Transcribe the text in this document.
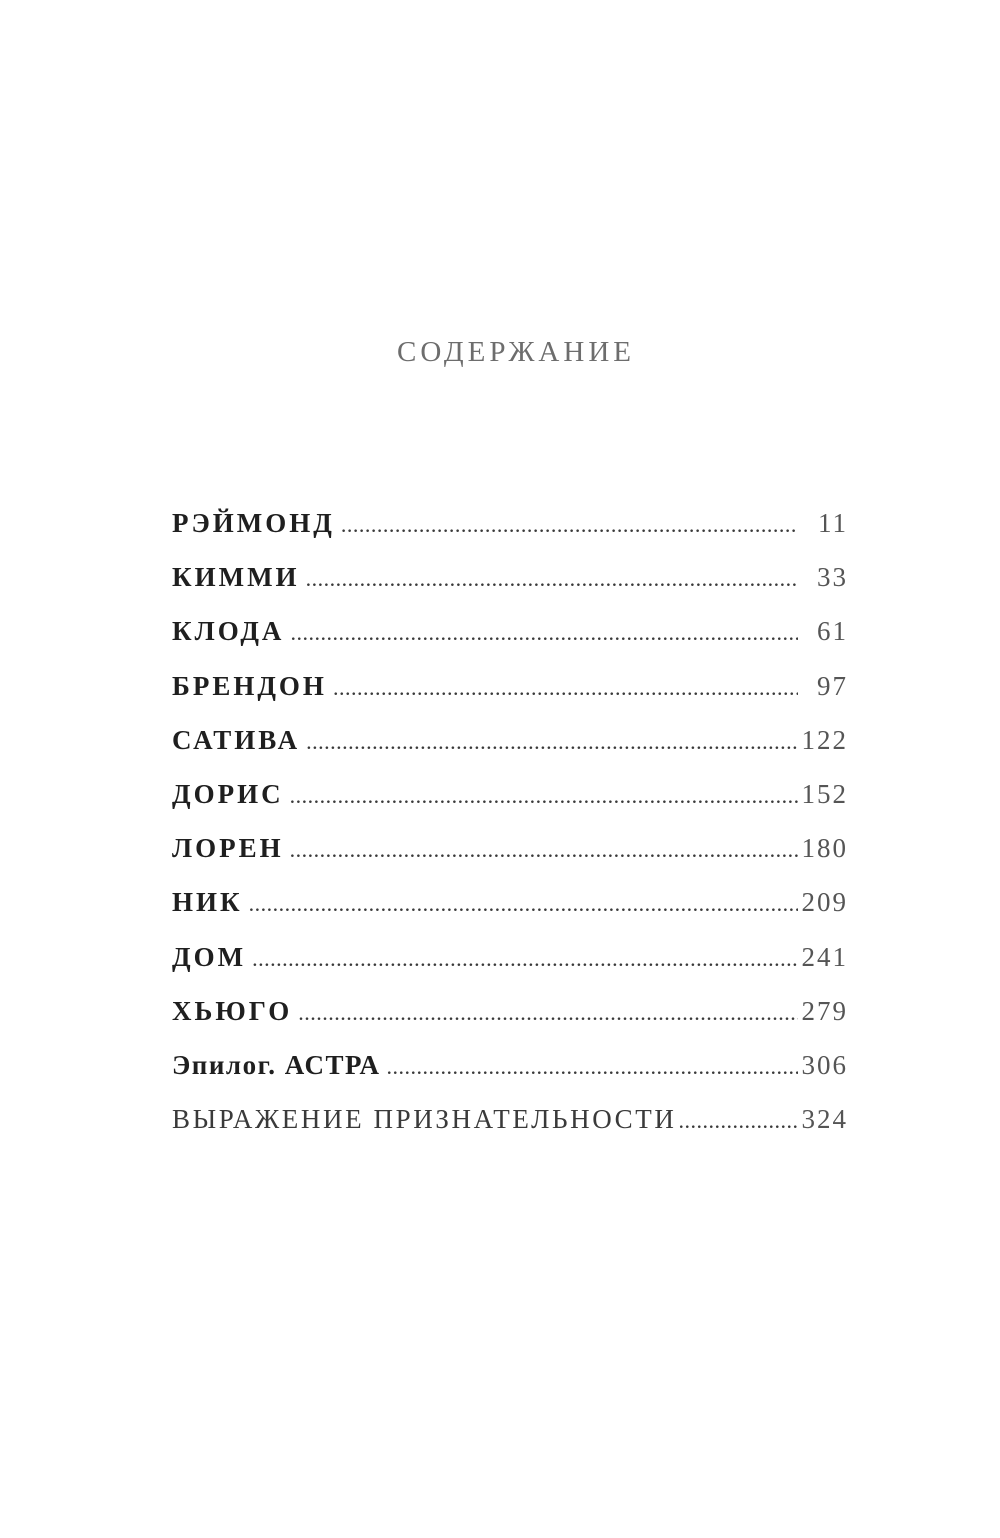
СОДЕРЖАНИЕ
РЭЙМОНД . . .	11
КИММИ . . .	33
КЛОДА . . .	61
БРЕНДОН . . .	97
САТИВА . . .	122
ДОРИС . . .	152
ЛОРЕН . . .	180
НИК . . .	209
ДОМ . . .	241
ХЬЮГО . . .	279
Эпилог. АСТРА . . .	306
ВЫРАЖЕНИЕ ПРИЗНАТЕЛЬНОСТИ . . .	324
